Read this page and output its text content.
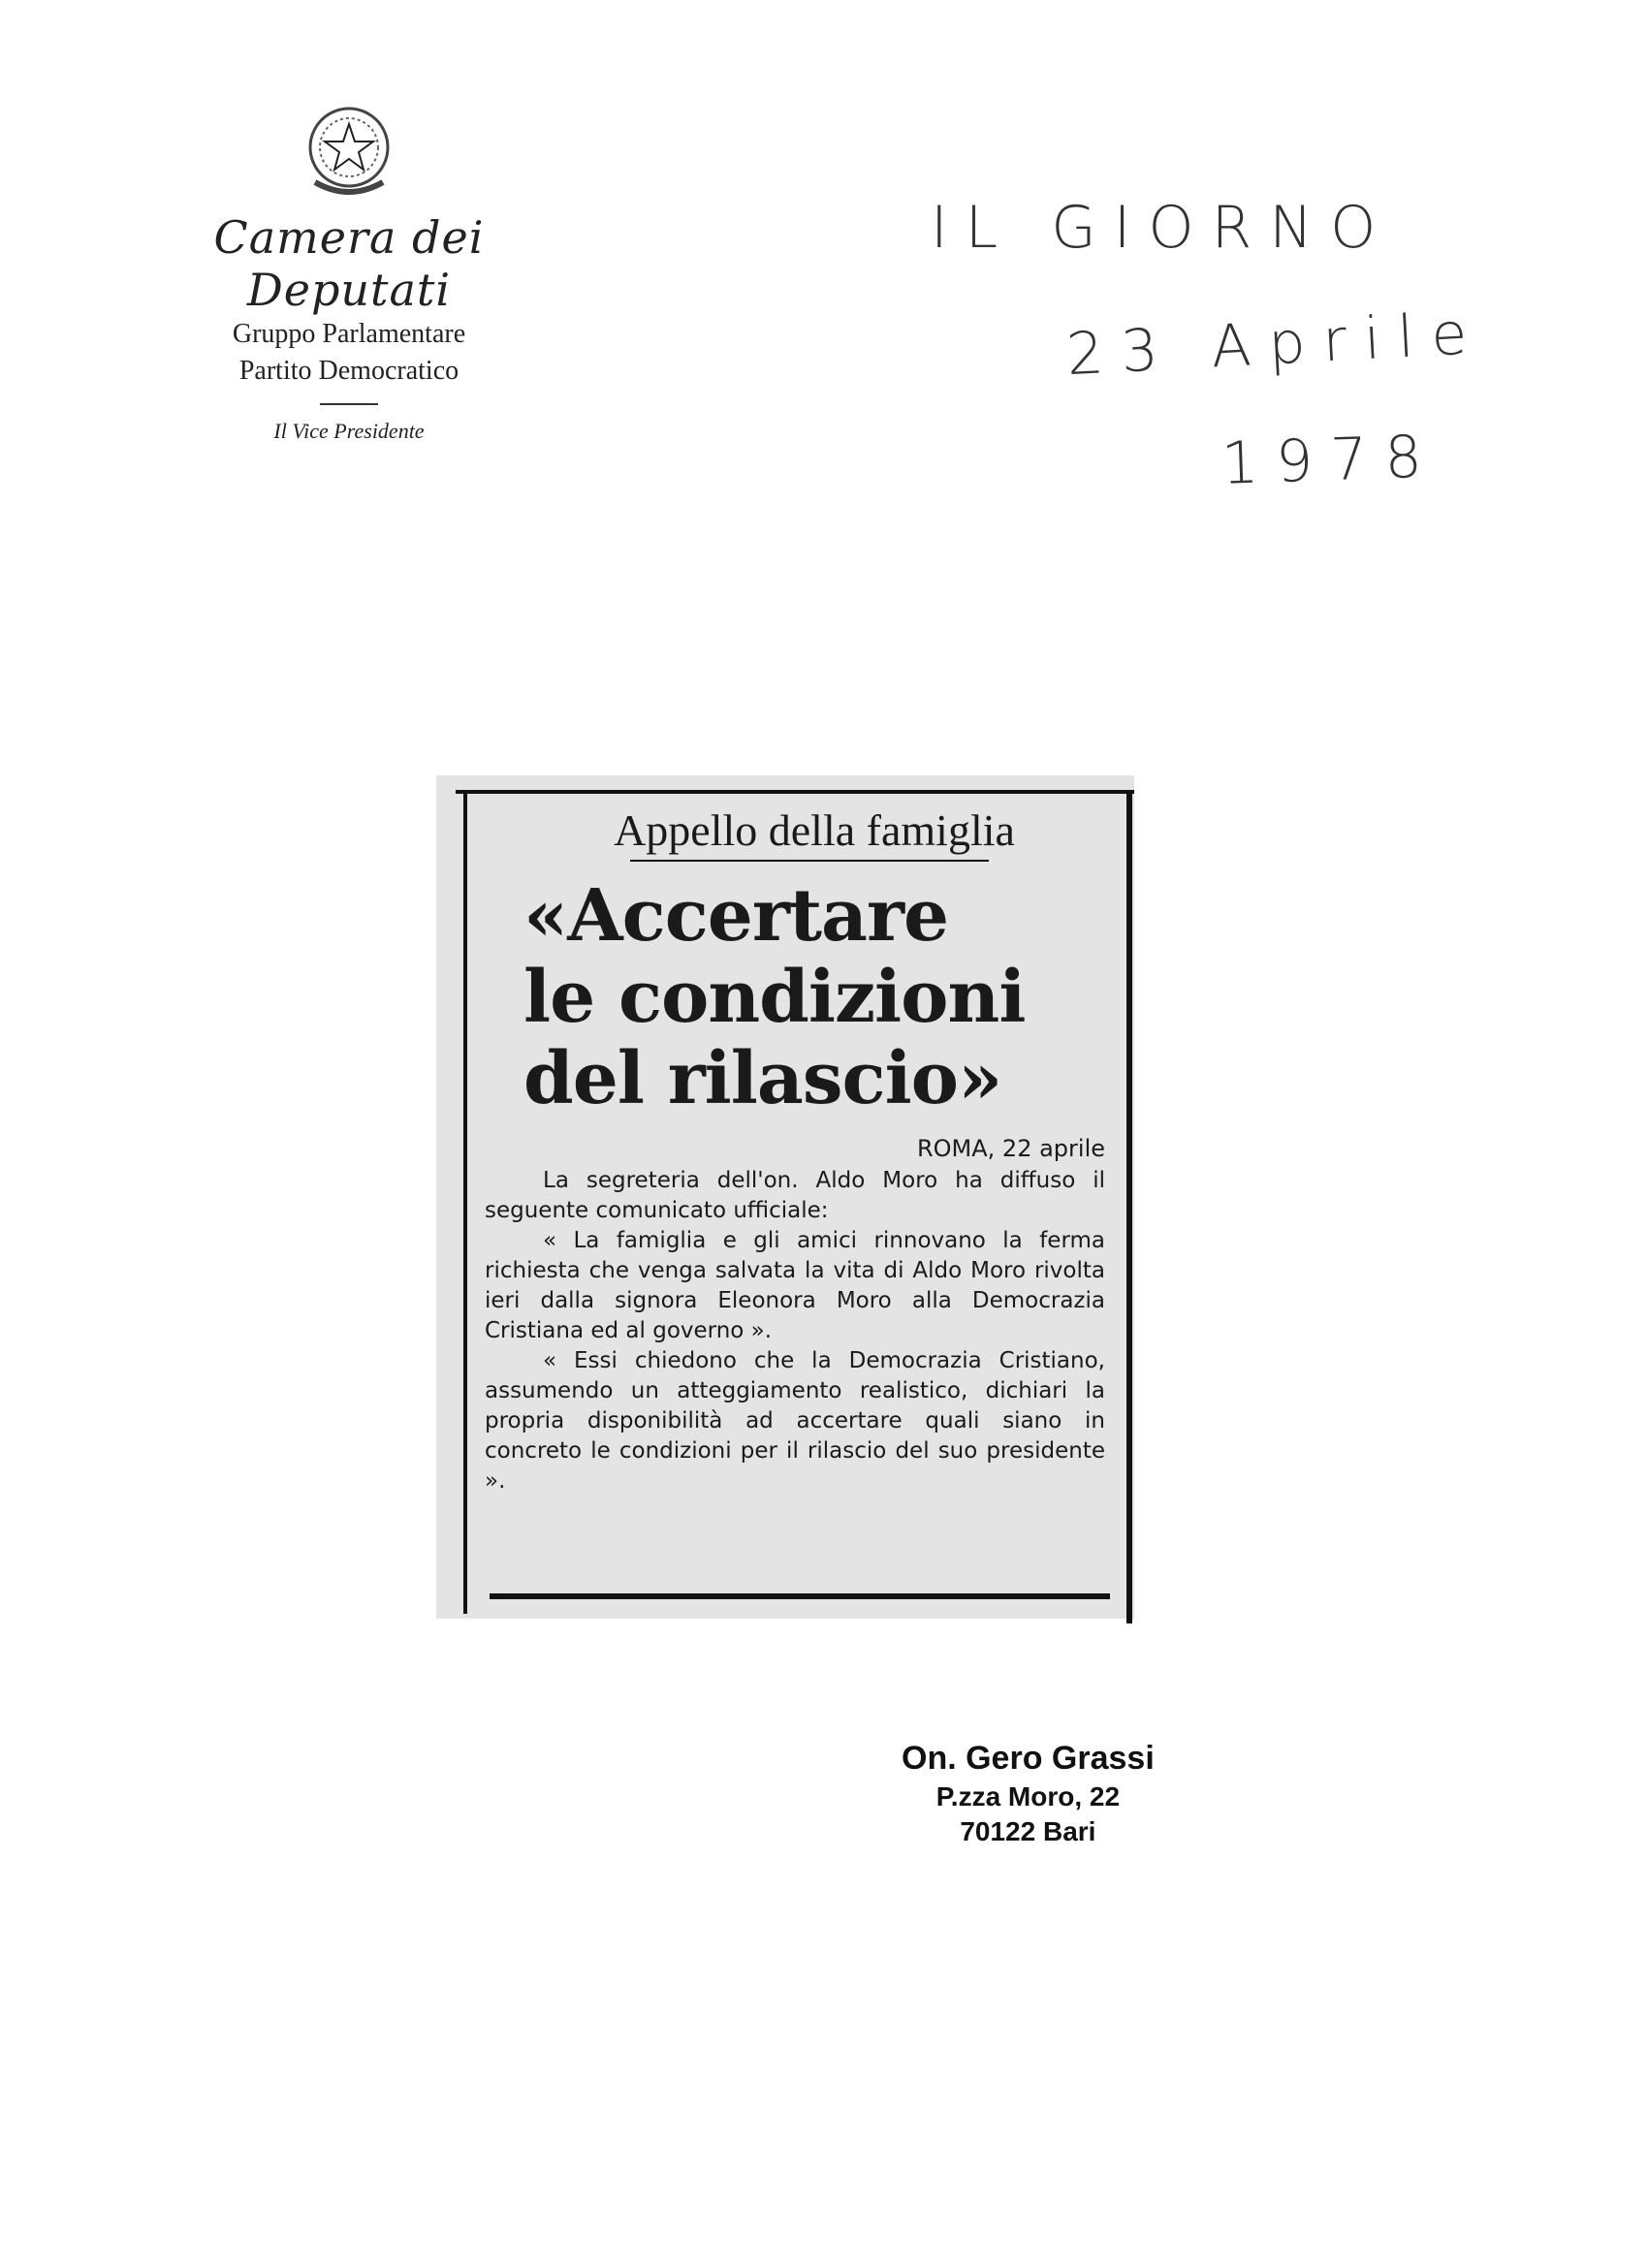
Camera dei Deputati
Gruppo Parlamentare
Partito Democratico
Il Vice Presidente
IL GIORNO
23 Aprile
1978
Appello della famiglia
«Accertare
le condizioni
del rilascio»
ROMA, 22 aprile

La segreteria dell'on. Aldo Moro ha diffuso il seguente comunicato ufficiale:

« La famiglia e gli amici rinnovano la ferma richiesta che venga salvata la vita di Aldo Moro rivolta ieri dalla signora Eleonora Moro alla Democrazia Cristiana ed al governo ».

« Essi chiedono che la Democrazia Cristiano, assumendo un atteggiamento realistico, dichiari la propria disponibilità ad accertare quali siano in concreto le condizioni per il rilascio del suo presidente ».

On. Gero Grassi
P.zza Moro, 22
70122 Bari
